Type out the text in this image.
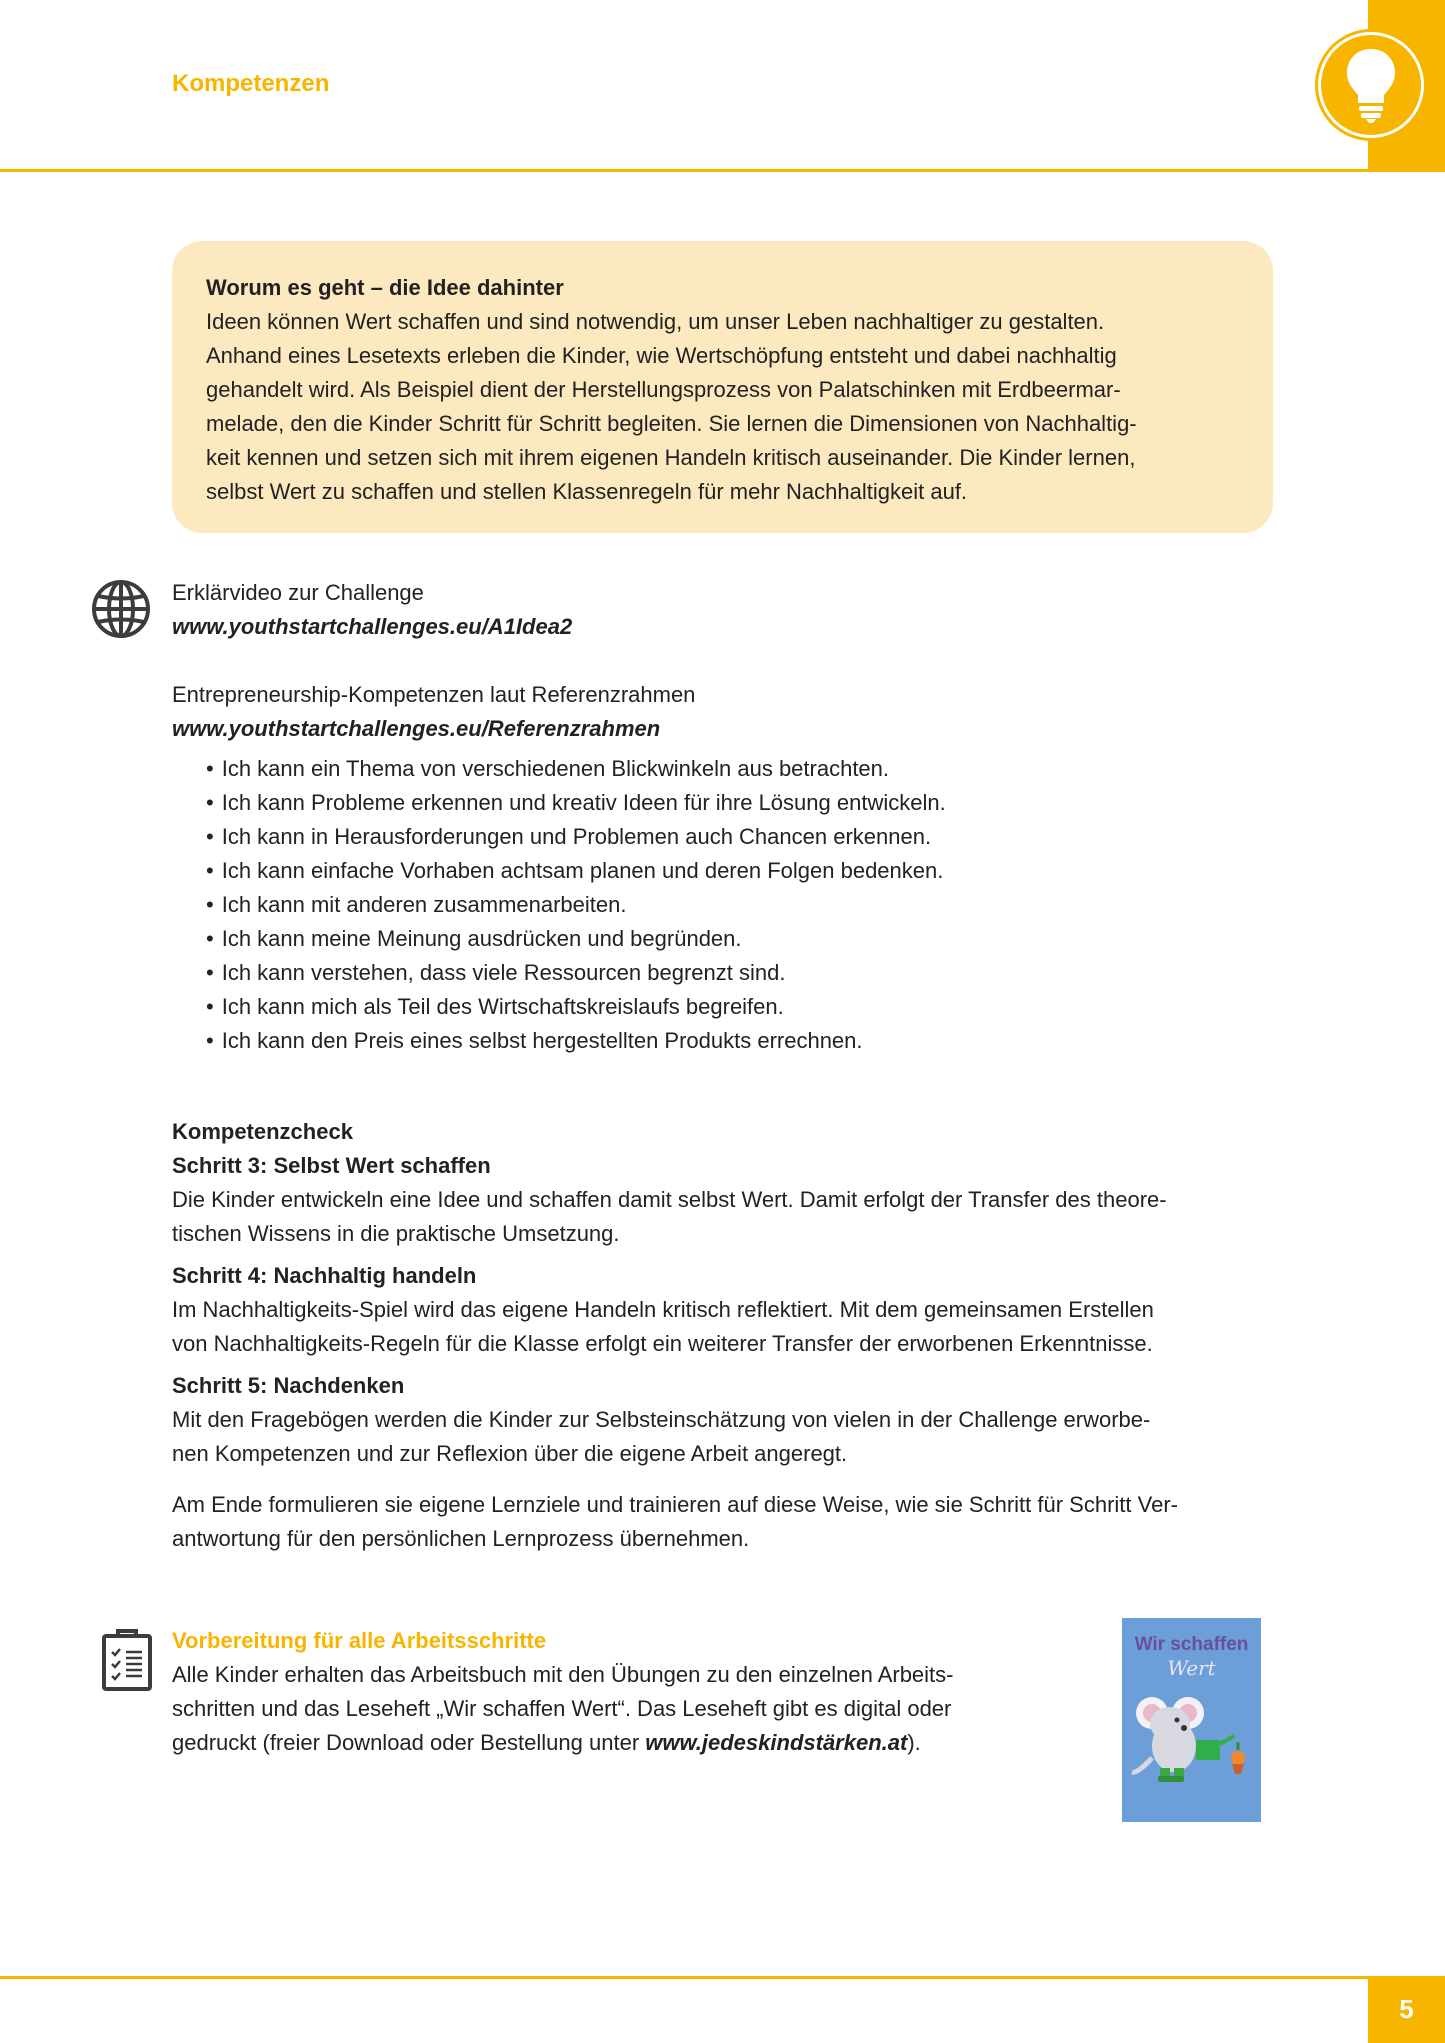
Kompetenzen
Worum es geht – die Idee dahinter
Ideen können Wert schaffen und sind notwendig, um unser Leben nachhaltiger zu gestalten.
Anhand eines Lesetexts erleben die Kinder, wie Wertschöpfung entsteht und dabei nachhaltig
gehandelt wird. Als Beispiel dient der Herstellungsprozess von Palatschinken mit Erdbeermar-
melade, den die Kinder Schritt für Schritt begleiten. Sie lernen die Dimensionen von Nachhaltig-
keit kennen und setzen sich mit ihrem eigenen Handeln kritisch auseinander. Die Kinder lernen,
selbst Wert zu schaffen und stellen Klassenregeln für mehr Nachhaltigkeit auf.
Erklärvideo zur Challenge
www.youthstartchallenges.eu/A1Idea2
Entrepreneurship-Kompetenzen laut Referenzrahmen
www.youthstartchallenges.eu/Referenzrahmen
• Ich kann ein Thema von verschiedenen Blickwinkeln aus betrachten.
• Ich kann Probleme erkennen und kreativ Ideen für ihre Lösung entwickeln.
• Ich kann in Herausforderungen und Problemen auch Chancen erkennen.
• Ich kann einfache Vorhaben achtsam planen und deren Folgen bedenken.
• Ich kann mit anderen zusammenarbeiten.
• Ich kann meine Meinung ausdrücken und begründen.
• Ich kann verstehen, dass viele Ressourcen begrenzt sind.
• Ich kann mich als Teil des Wirtschaftskreislaufs begreifen.
• Ich kann den Preis eines selbst hergestellten Produkts errechnen.
Kompetenzcheck
Schritt 3: Selbst Wert schaffen
Die Kinder entwickeln eine Idee und schaffen damit selbst Wert. Damit erfolgt der Transfer des theore-
tischen Wissens in die praktische Umsetzung.
Schritt 4: Nachhaltig handeln
Im Nachhaltigkeits-Spiel wird das eigene Handeln kritisch reflektiert. Mit dem gemeinsamen Erstellen
von Nachhaltigkeits-Regeln für die Klasse erfolgt ein weiterer Transfer der erworbenen Erkenntnisse.
Schritt 5: Nachdenken
Mit den Fragebögen werden die Kinder zur Selbsteinschätzung von vielen in der Challenge erworbe-
nen Kompetenzen und zur Reflexion über die eigene Arbeit angeregt.
Am Ende formulieren sie eigene Lernziele und trainieren auf diese Weise, wie sie Schritt für Schritt Ver-
antwortung für den persönlichen Lernprozess übernehmen.
Vorbereitung für alle Arbeitsschritte
Alle Kinder erhalten das Arbeitsbuch mit den Übungen zu den einzelnen Arbeits-
schritten und das Leseheft „Wir schaffen Wert“. Das Leseheft gibt es digital oder
gedruckt (freier Download oder Bestellung unter www.jedeskindstärken.at).
Wir schaffen
Wert
5
